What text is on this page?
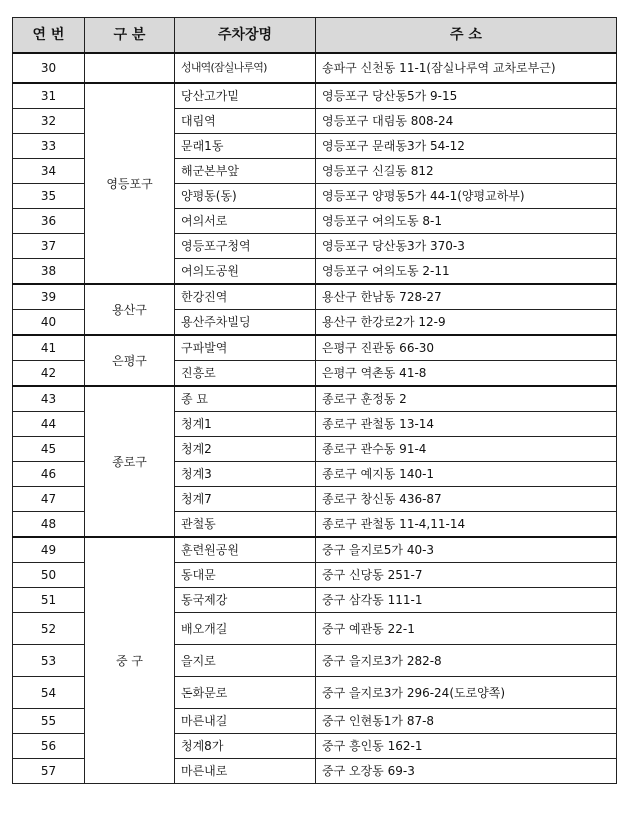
연 번	구 분	주차장명	주 소
30		성내역(잠실나루역)	송파구 신천동 11-1(잠실나루역 교차로부근)
31	영등포구	당산고가밑	영등포구 당산동5가 9-15
32		대림역	영등포구 대림동 808-24
33		문래1동	영등포구 문래동3가 54-12
34		해군본부앞	영등포구 신길동 812
35		양평동(동)	영등포구 양평동5가 44-1(양평교하부)
36		여의서로	영등포구 여의도동 8-1
37		영등포구청역	영등포구 당산동3가 370-3
38		여의도공원	영등포구 여의도동 2-11
39	용산구	한강진역	용산구 한남동 728-27
40		용산주차빌딩	용산구 한강로2가 12-9
41	은평구	구파발역	은평구 진관동 66-30
42		진흥로	은평구 역촌동 41-8
43	종로구	종 묘	종로구 훈정동 2
44		청계1	종로구 관철동 13-14
45		청계2	종로구 관수동 91-4
46		청계3	종로구 예지동 140-1
47		청계7	종로구 창신동 436-87
48		관철동	종로구 관철동 11-4,11-14
49	중 구	훈련원공원	중구 을지로5가 40-3
50		동대문	중구 신당동 251-7
51		동국제강	중구 삼각동 111-1
52		배오개길	중구 예관동 22-1
53		을지로	중구 을지로3가 282-8
54		돈화문로	중구 을지로3가 296-24(도로양쪽)
55		마른내길	중구 인현동1가 87-8
56		청계8가	중구 흥인동 162-1
57		마른내로	중구 오장동 69-3
